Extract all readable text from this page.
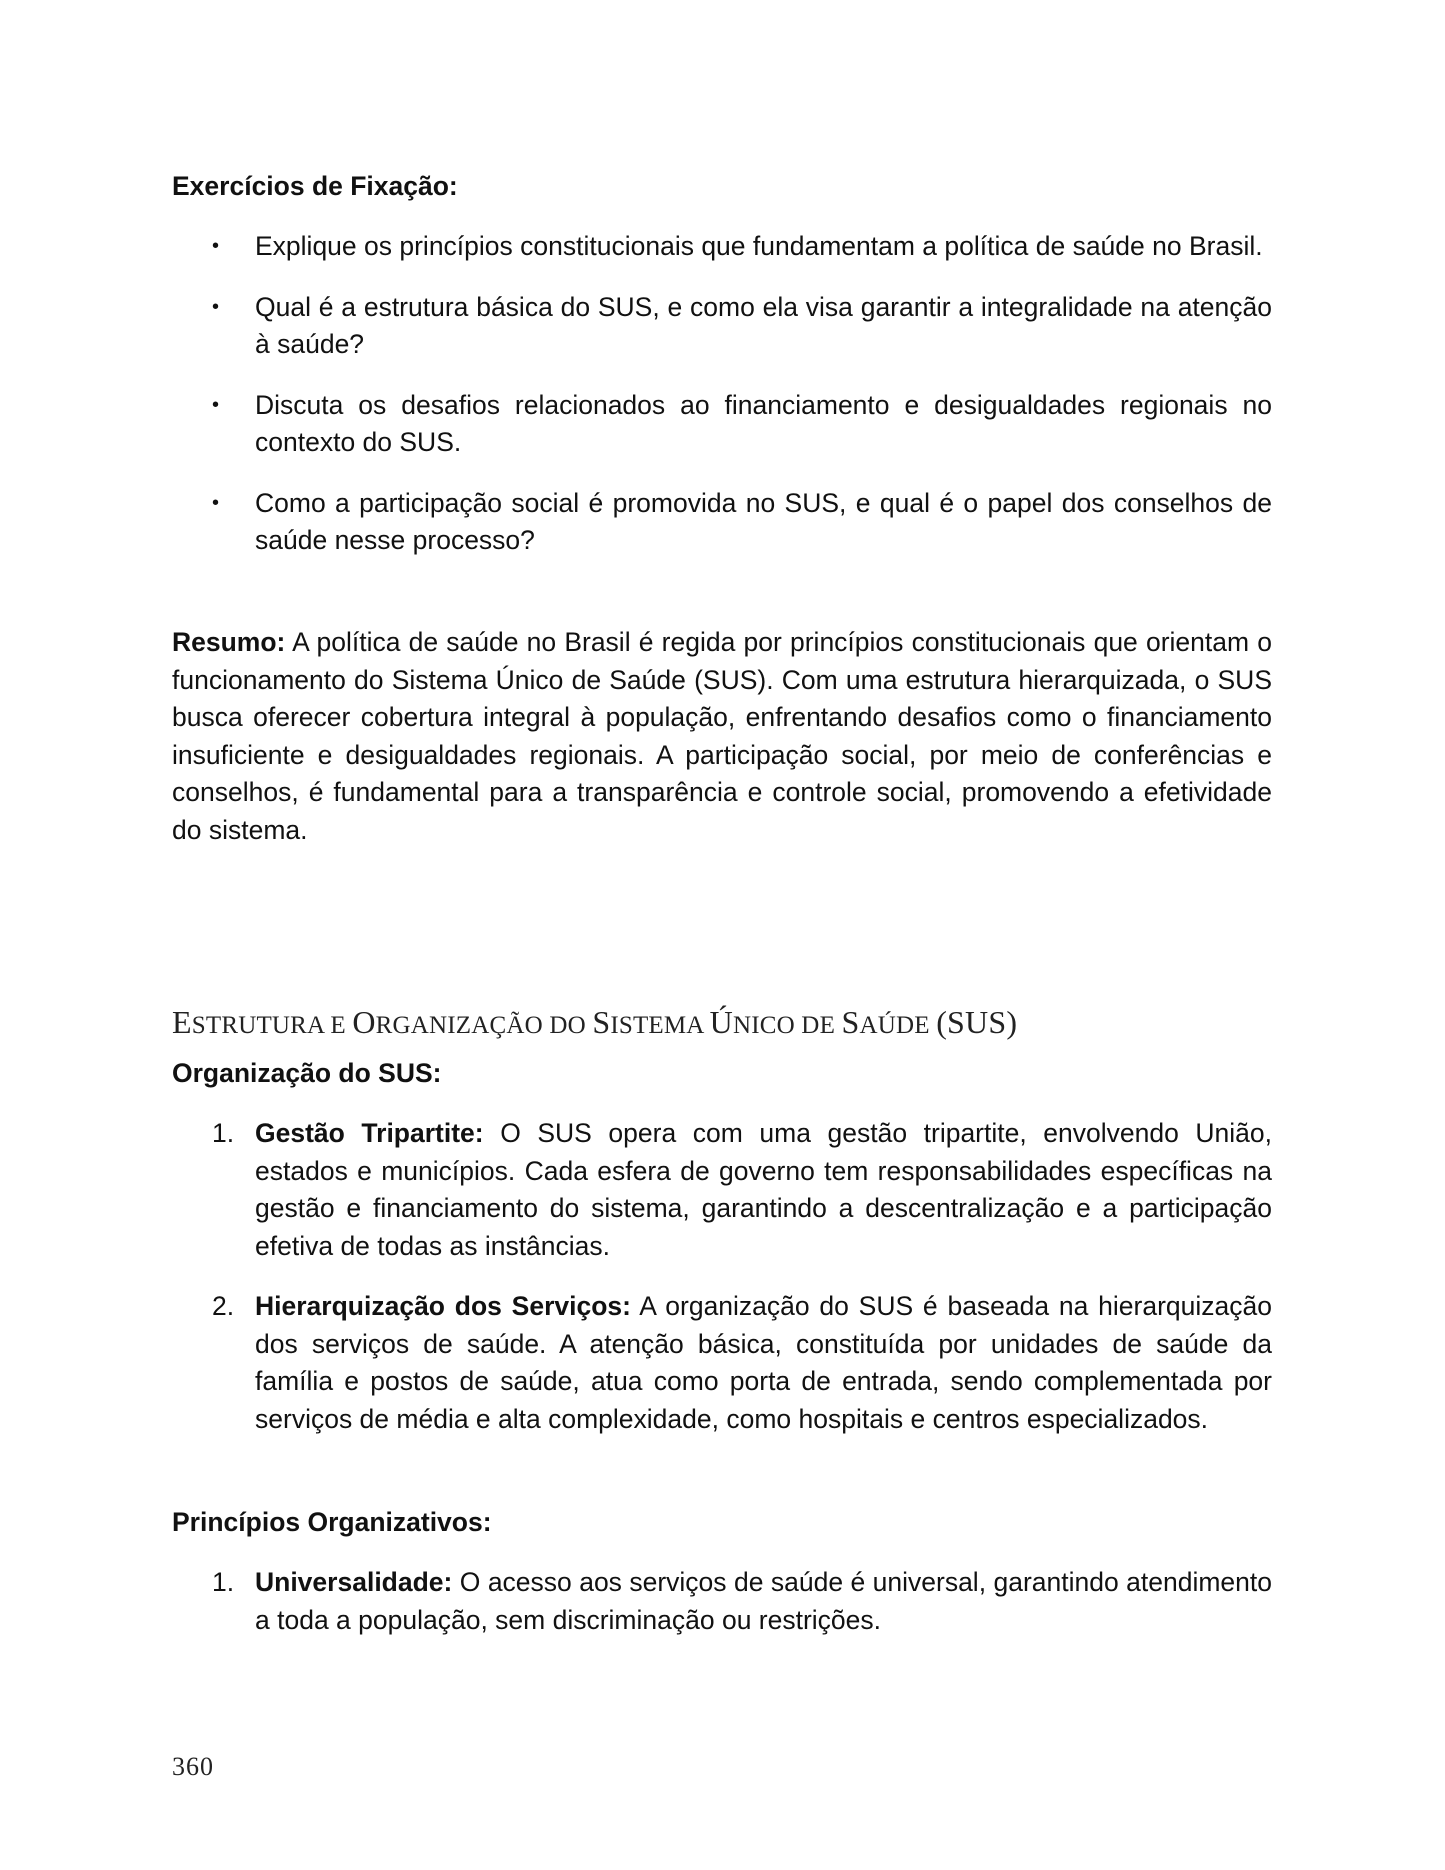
Exercícios de Fixação:
•	Explique os princípios constitucionais que fundamentam a política de saúde no Brasil.
•	Qual é a estrutura básica do SUS, e como ela visa garantir a integralidade na atenção à saúde?
•	Discuta os desafios relacionados ao financiamento e desigualdades regionais no contexto do SUS.
•	Como a participação social é promovida no SUS, e qual é o papel dos conselhos de saúde nesse processo?
Resumo: A política de saúde no Brasil é regida por princípios constitucionais que orientam o funcionamento do Sistema Único de Saúde (SUS). Com uma estrutura hierarquizada, o SUS busca oferecer cobertura integral à população, enfrentando desafios como o financiamento insuficiente e desigualdades regionais. A participação social, por meio de conferências e conselhos, é fundamental para a transparência e controle social, promovendo a efetividade do sistema.
ESTRUTURA E ORGANIZAÇÃO DO SISTEMA ÚNICO DE SAÚDE (SUS)
Organização do SUS:
1. Gestão Tripartite: O SUS opera com uma gestão tripartite, envolvendo União, estados e municípios. Cada esfera de governo tem responsabilidades específicas na gestão e financiamento do sistema, garantindo a descentralização e a participação efetiva de todas as instâncias.
2. Hierarquização dos Serviços: A organização do SUS é baseada na hierarquização dos serviços de saúde. A atenção básica, constituída por unidades de saúde da família e postos de saúde, atua como porta de entrada, sendo complementada por serviços de média e alta complexidade, como hospitais e centros especializados.
Princípios Organizativos:
1. Universalidade: O acesso aos serviços de saúde é universal, garantindo atendimento a toda a população, sem discriminação ou restrições.
360
